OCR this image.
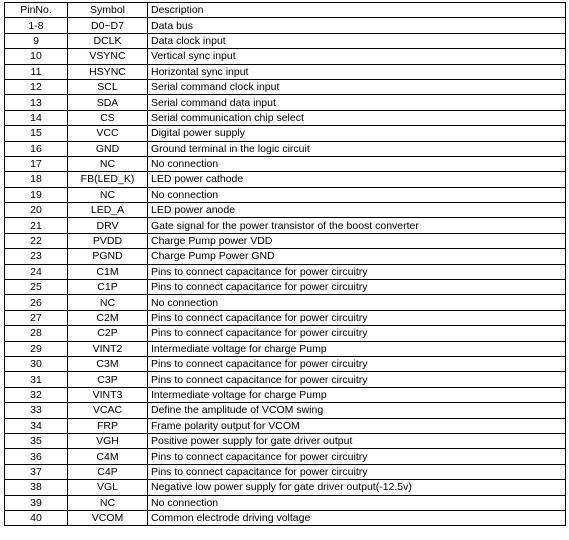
PinNo.	Symbol	Description
1-8	D0~D7	Data bus
9	DCLK	Data clock input
10	VSYNC	Vertical sync input
11	HSYNC	Horizontal sync input
12	SCL	Serial command clock input
13	SDA	Serial command data input
14	CS	Serial communication chip select
15	VCC	Digital power supply
16	GND	Ground terminal in the logic circuit
17	NC	No connection
18	FB(LED_K)	LED power cathode
19	NC	No connection
20	LED_A	LED power anode
21	DRV	Gate signal for the power transistor of the boost converter
22	PVDD	Charge Pump power VDD
23	PGND	Charge Pump Power GND
24	C1M	Pins to connect capacitance for power circuitry
25	C1P	Pins to connect capacitance for power circuitry
26	NC	No connection
27	C2M	Pins to connect capacitance for power circuitry
28	C2P	Pins to connect capacitance for power circuitry
29	VINT2	Intermediate voltage for charge Pump
30	C3M	Pins to connect capacitance for power circuitry
31	C3P	Pins to connect capacitance for power circuitry
32	VINT3	Intermediate voltage for charge Pump
33	VCAC	Define the amplitude of VCOM swing
34	FRP	Frame polarity output for VCOM
35	VGH	Positive power supply for gate driver output
36	C4M	Pins to connect capacitance for power circuitry
37	C4P	Pins to connect capacitance for power circuitry
38	VGL	Negative low power supply for gate driver output(-12.5v)
39	NC	No connection
40	VCOM	Common electrode driving voltage
